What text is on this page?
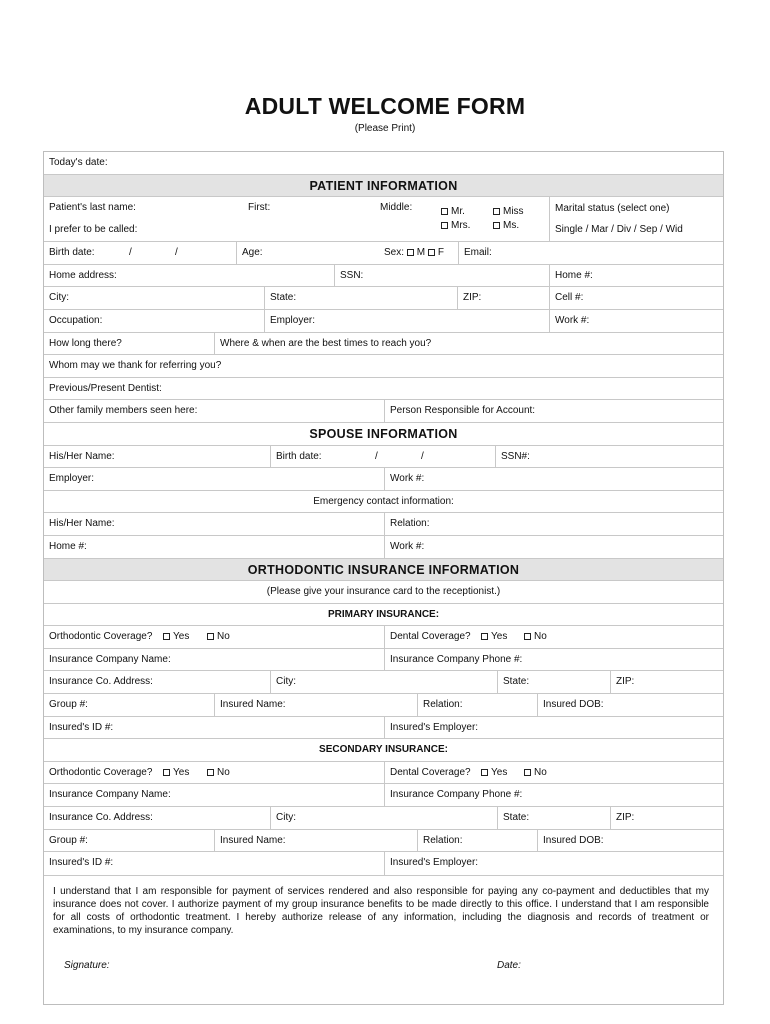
ADULT WELCOME FORM
(Please Print)
Today's date:
PATIENT INFORMATION
Patient's last name:	First:	Middle:
I prefer to be called:
Mr.
Mrs.
Miss
Ms.
Marital status (select one)
Single / Mar / Div / Sep / Wid
Birth date:	/	/	Age:	Sex: M F	Email:
Home address:	SSN:	Home #:
City:	State:	ZIP:	Cell #:
Occupation:	Employer:	Work #:
How long there?	Where & when are the best times to reach you?
Whom may we thank for referring you?
Previous/Present Dentist:
Other family members seen here:	Person Responsible for Account:
SPOUSE INFORMATION
His/Her Name:	Birth date:	/	/	SSN#:
Employer:	Work #:
Emergency contact information:
His/Her Name:	Relation:
Home #:	Work #:
ORTHODONTIC INSURANCE INFORMATION
(Please give your insurance card to the receptionist.)
PRIMARY INSURANCE:
Orthodontic Coverage?	Yes	No	Dental Coverage?	Yes	No
Insurance Company Name:	Insurance Company Phone #:
Insurance Co. Address:	City:	State:	ZIP:
Group #:	Insured Name:	Relation:	Insured DOB:
Insured's ID #:	Insured's Employer:
SECONDARY INSURANCE:
Orthodontic Coverage?	Yes	No	Dental Coverage?	Yes	No
Insurance Company Name:	Insurance Company Phone #:
Insurance Co. Address:	City:	State:	ZIP:
Group #:	Insured Name:	Relation:	Insured DOB:
Insured's ID #:	Insured's Employer:
I understand that I am responsible for payment of services rendered and also responsible for paying any co-payment and deductibles that my insurance does not cover. I authorize payment of my group insurance benefits to be made directly to this office. I understand that I am responsible for all costs of orthodontic treatment. I hereby authorize release of any information, including the diagnosis and records of treatment or examinations, to my insurance company.
Signature:	Date:
